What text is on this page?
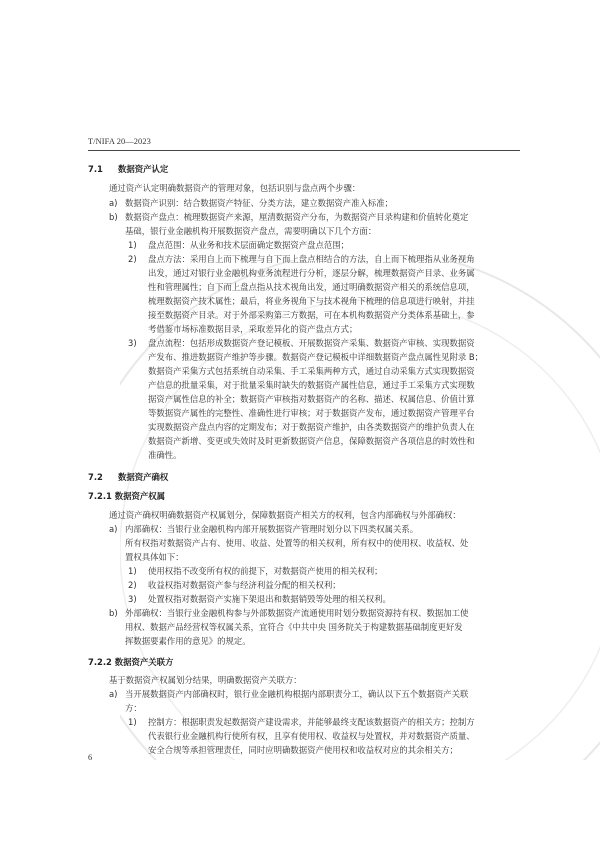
T/NIFA 20—2023
7.1 数据资产认定
通过资产认定明确数据资产的管理对象，包括识别与盘点两个步骤：
a) 数据资产识别：结合数据资产特征、分类方法，建立数据资产准入标准；
b) 数据资产盘点：梳理数据资产来源，厘清数据资产分布，为数据资产目录构建和价值转化奠定
基础，银行业金融机构开展数据资产盘点，需要明确以下几个方面：
1) 盘点范围：从业务和技术层面确定数据资产盘点范围；
2) 盘点方法：采用自上而下梳理与自下而上盘点相结合的方法，自上而下梳理指从业务视角
出发，通过对银行业金融机构业务流程进行分析，逐层分解，梳理数据资产目录、业务属
性和管理属性；自下而上盘点指从技术视角出发，通过明确数据资产相关的系统信息项，
梳理数据资产技术属性；最后，将业务视角下与技术视角下梳理的信息项进行映射，并挂
接至数据资产目录。对于外部采购第三方数据，可在本机构数据资产分类体系基础上，参
考借鉴市场标准数据目录，采取差异化的资产盘点方式；
3) 盘点流程：包括形成数据资产登记模板、开展数据资产采集、数据资产审核、实现数据资
产发布、推进数据资产维护等步骤。数据资产登记模板中详细数据资产盘点属性见附录 B；
数据资产采集方式包括系统自动采集、手工采集两种方式，通过自动采集方式实现数据资
产信息的批量采集，对于批量采集时缺失的数据资产属性信息，通过手工采集方式实现数
据资产属性信息的补全；数据资产审核指对数据资产的名称、描述、权属信息、价值计算
等数据资产属性的完整性、准确性进行审核；对于数据资产发布，通过数据资产管理平台
实现数据资产盘点内容的定期发布；对于数据资产维护，由各类数据资产的维护负责人在
数据资产新增、变更或失效时及时更新数据资产信息，保障数据资产各项信息的时效性和
准确性。
7.2 数据资产确权
7.2.1 数据资产权属
通过资产确权明确数据资产权属划分，保障数据资产相关方的权利，包含内部确权与外部确权：
a) 内部确权：当银行业金融机构内部开展数据资产管理时划分以下四类权属关系。
所有权指对数据资产占有、使用、收益、处置等的相关权利，所有权中的使用权、收益权、处
置权具体如下：
1) 使用权指不改变所有权的前提下，对数据资产使用的相关权利；
2) 收益权指对数据资产参与经济利益分配的相关权利；
3) 处置权指对数据资产实施下架退出和数据销毁等处理的相关权利。
b) 外部确权：当银行业金融机构参与外部数据资产流通使用时划分数据资源持有权、数据加工使
用权、数据产品经营权等权属关系，宜符合《中共中央 国务院关于构建数据基础制度更好发
挥数据要素作用的意见》的规定。
7.2.2 数据资产关联方
基于数据资产权属划分结果，明确数据资产关联方：
a) 当开展数据资产内部确权时，银行业金融机构根据内部职责分工，确认以下五个数据资产关联
方：
1) 控制方：根据职责发起数据资产建设需求，并能够最终支配该数据资产的相关方；控制方
代表银行业金融机构行使所有权，且享有使用权、收益权与处置权，并对数据资产质量、
安全合规等承担管理责任，同时应明确数据资产使用权和收益权对应的其余相关方；
6
